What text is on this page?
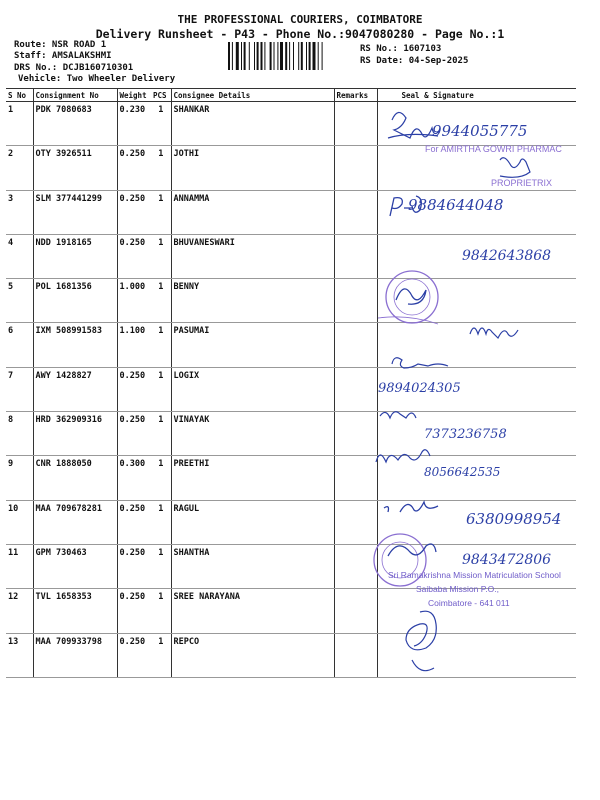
THE PROFESSIONAL COURIERS, COIMBATORE
Delivery Runsheet - P43 - Phone No.:9047080280 - Page No.:1
Route: NSR ROAD 1
Staff: AMSALAKSHMI
DRS No.: DCJB160710301
Vehicle: Two Wheeler Delivery
RS No.: 1607103
RS Date: 04-Sep-2025
S No	Consignment No	Weight	PCS	Consignee Details	Remarks	Seal & Signature
1	PDK 7080683	0.230	1	SHANKAR		
2	OTY 3926511	0.250	1	JOTHI		
3	SLM 377441299	0.250	1	ANNAMMA		
4	NDD 1918165	0.250	1	BHUVANESWARI		
5	POL 1681356	1.000	1	BENNY		
6	IXM 508991583	1.100	1	PASUMAI		
7	AWY 1428827	0.250	1	LOGIX		
8	HRD 362909316	0.250	1	VINAYAK		
9	CNR 1888050	0.300	1	PREETHI		
10	MAA 709678281	0.250	1	RAGUL		
11	GPM 730463	0.250	1	SHANTHA		
12	TVL 1658353	0.250	1	SREE NARAYANA		
13	MAA 709933798	0.250	1	REPCO		
9944055775
For AMIRTHA GOWRI PHARMAC
PROPRIETRIX
9884644048
9842643868
9894024305
7373236758
8056642535
6380998954
9843472806
Sri Ramakrishna Mission Matriculation School
Saibaba Mission P.O.,
Coimbatore - 641 011
